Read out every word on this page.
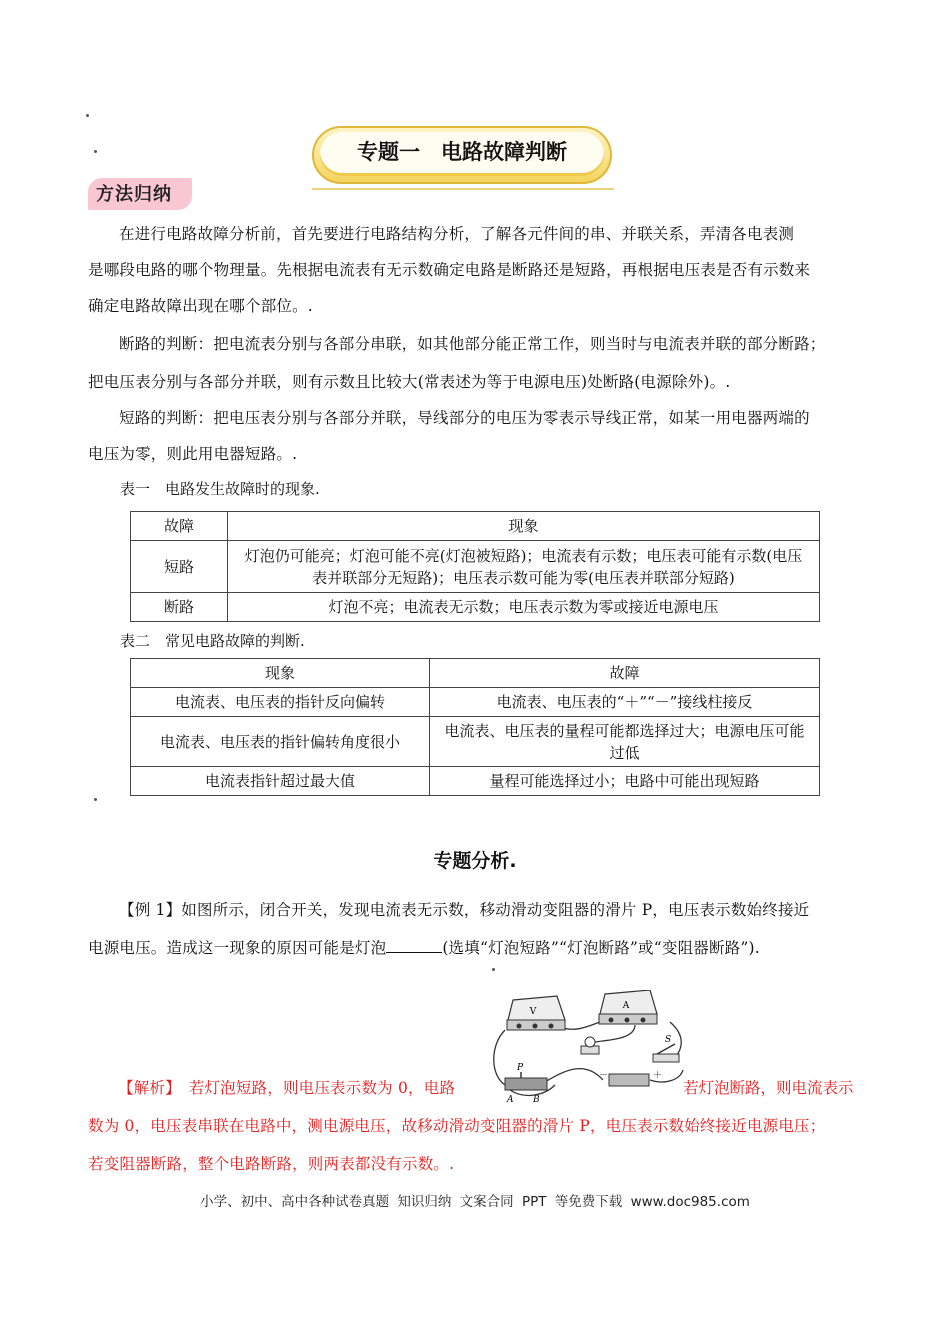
专题一　电路故障判断
方法归纳
在进行电路故障分析前，首先要进行电路结构分析，了解各元件间的串、并联关系，弄清各电表测
是哪段电路的哪个物理量。先根据电流表有无示数确定电路是断路还是短路，再根据电压表是否有示数来
确定电路故障出现在哪个部位。.
断路的判断：把电流表分别与各部分串联，如其他部分能正常工作，则当时与电流表并联的部分断路；
把电压表分别与各部分并联，则有示数且比较大(常表述为等于电源电压)处断路(电源除外)。.
短路的判断：把电压表分别与各部分并联，导线部分的电压为零表示导线正常，如某一用电器两端的
电压为零，则此用电器短路。.
表一　电路发生故障时的现象.
故障	现象
短路	灯泡仍可能亮；灯泡可能不亮(灯泡被短路)；电流表有示数；电压表可能有示数(电压表并联部分无短路)；电压表示数可能为零(电压表并联部分短路)
断路	灯泡不亮；电流表无示数；电压表示数为零或接近电源电压
表二　常见电路故障的判断.
现象	故障
电流表、电压表的指针反向偏转	电流表、电压表的“＋”“－”接线柱接反
电流表、电压表的指针偏转角度很小	电流表、电压表的量程可能都选择过大；电源电压可能过低
电流表指针超过最大值	量程可能选择过小；电路中可能出现短路
专题分析.
【例 1】如图所示，闭合开关，发现电流表无示数，移动滑动变阻器的滑片 P，电压表示数始终接近
电源电压。造成这一现象的原因可能是灯泡	(选填“灯泡短路”“灯泡断路”或“变阻器断路”).
V
A
S
－	＋
P
A B
【解析】　若灯泡短路，则电压表示数为 0，电路	若灯泡断路，则电流表示
数为 0，电压表串联在电路中，测电源电压，故移动滑动变阻器的滑片 P，电压表示数始终接近电源电压；
若变阻器断路，整个电路断路，则两表都没有示数。.
小学、初中、高中各种试卷真题 知识归纳 文案合同 PPT 等免费下载 www.doc985.com
